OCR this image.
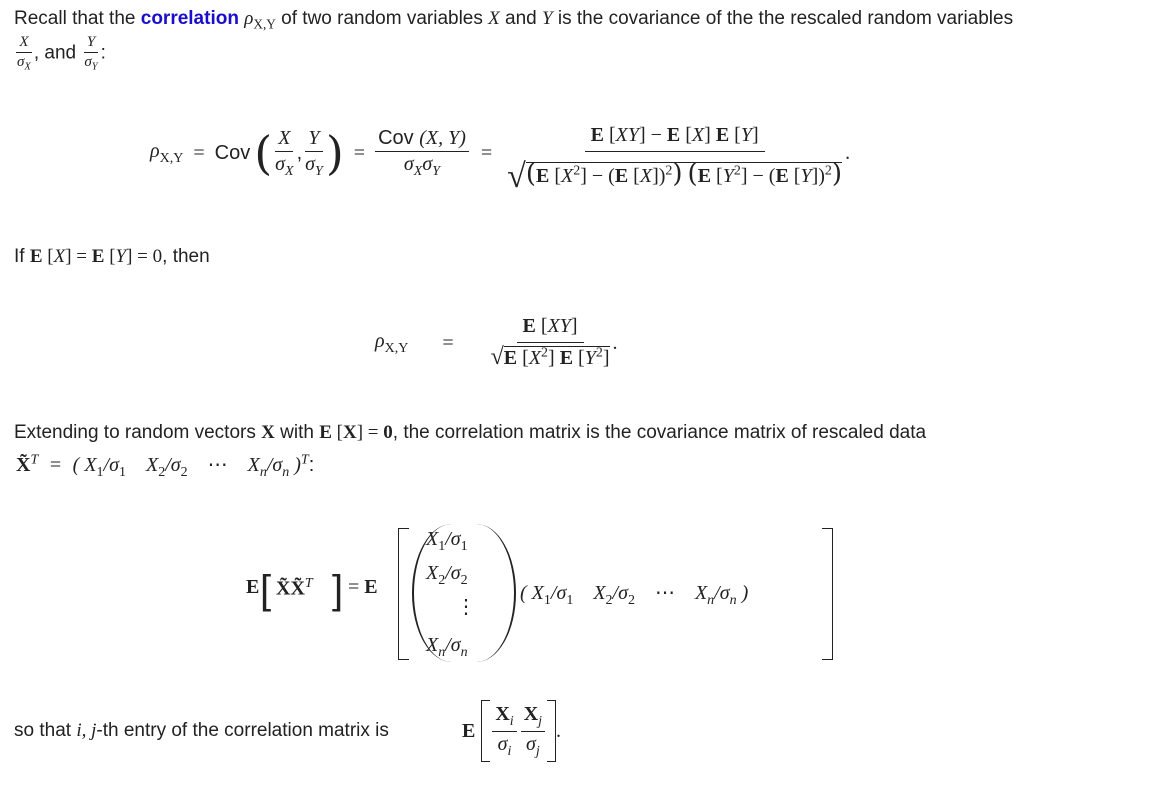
Recall that the correlation $\rho_{X,Y}$ of two random variables X and Y is the covariance of the the rescaled random variables
$\frac{X}{\sigma_X}$ , and $\frac{Y}{\sigma_Y}$ :
$\rho_{X,Y}$ = Cov ( $\frac{X}{\sigma_X}$ , $\frac{Y}{\sigma_Y}$ ) = $\frac{\text{Cov (X, Y)}}{\sigma_X\sigma_Y} = \frac{E [XY] - E [X] E [Y]}{√(E [X^2] - (E [X])^2) (E [Y^2] - (E [Y])^2)}$ .
If E [X] = E [Y] = 0, then
$\rho_{X,Y} = \frac{E [XY]}{√E [X^2] E [Y^2]}$ .
Extending to random vectors X with E [X] = 0, the correlation matrix is the covariance matrix of rescaled data
X̃$^T$ = ( $X_1/\sigma_1$    $X_2/\sigma_2$ ⋯    $X_n/\sigma_n$ )$^T$:
E [ X̃X̃$^T$ ] = E
$X_1/\sigma_1$
$X_2/\sigma_2$
⋮
$X_n/\sigma_n$
( $X_1/\sigma_1$    $X_2/\sigma_2$ ⋯    $X_n/\sigma_n$ )
so that i, j-th entry of the correlation matrix is	E $\frac{X_i}{\sigma_i} \frac{X_j}{\sigma_j}$ .
